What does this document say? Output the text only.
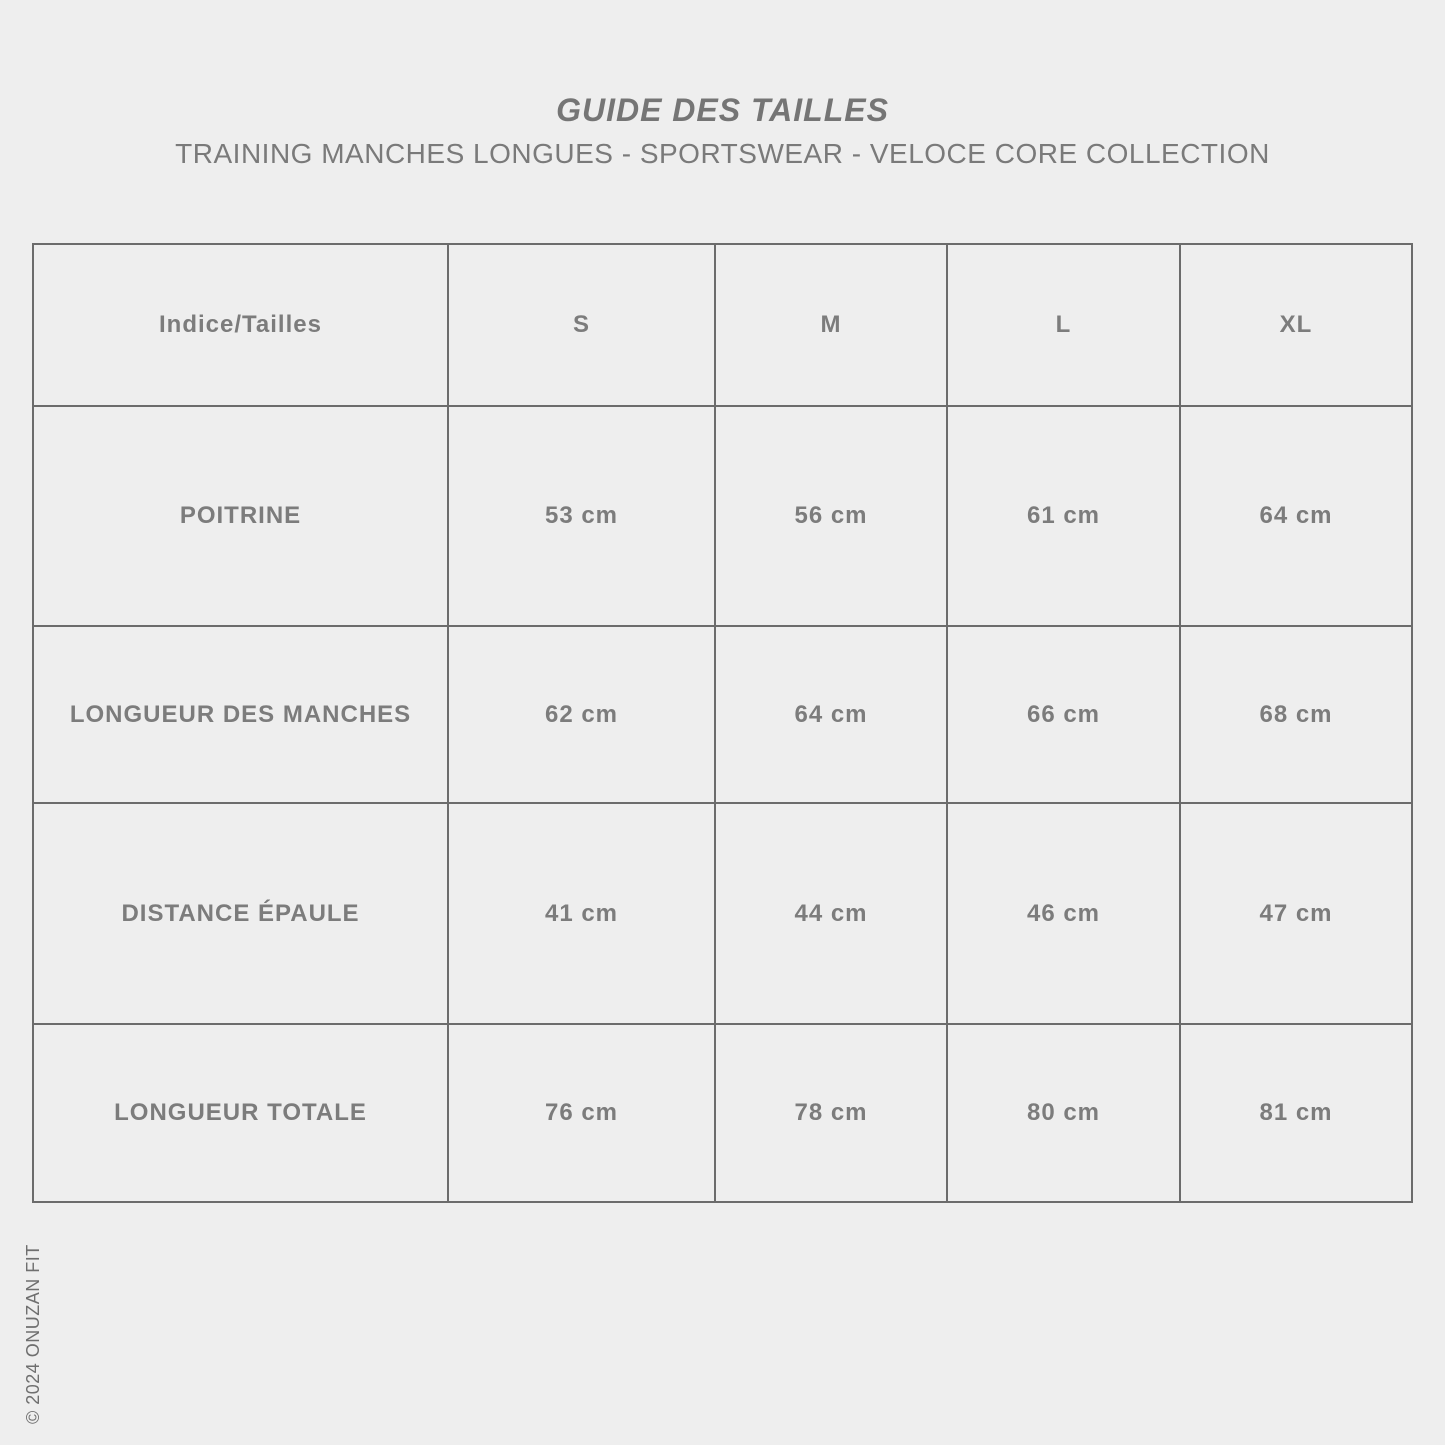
GUIDE DES TAILLES
TRAINING MANCHES LONGUES - SPORTSWEAR - VELOCE CORE COLLECTION
Indice/Tailles	S	M	L	XL
POITRINE	53 cm	56 cm	61 cm	64 cm
LONGUEUR DES MANCHES	62 cm	64 cm	66 cm	68 cm
DISTANCE ÉPAULE	41 cm	44 cm	46 cm	47 cm
LONGUEUR TOTALE	76 cm	78 cm	80 cm	81 cm
© 2024 ONUZAN FIT
